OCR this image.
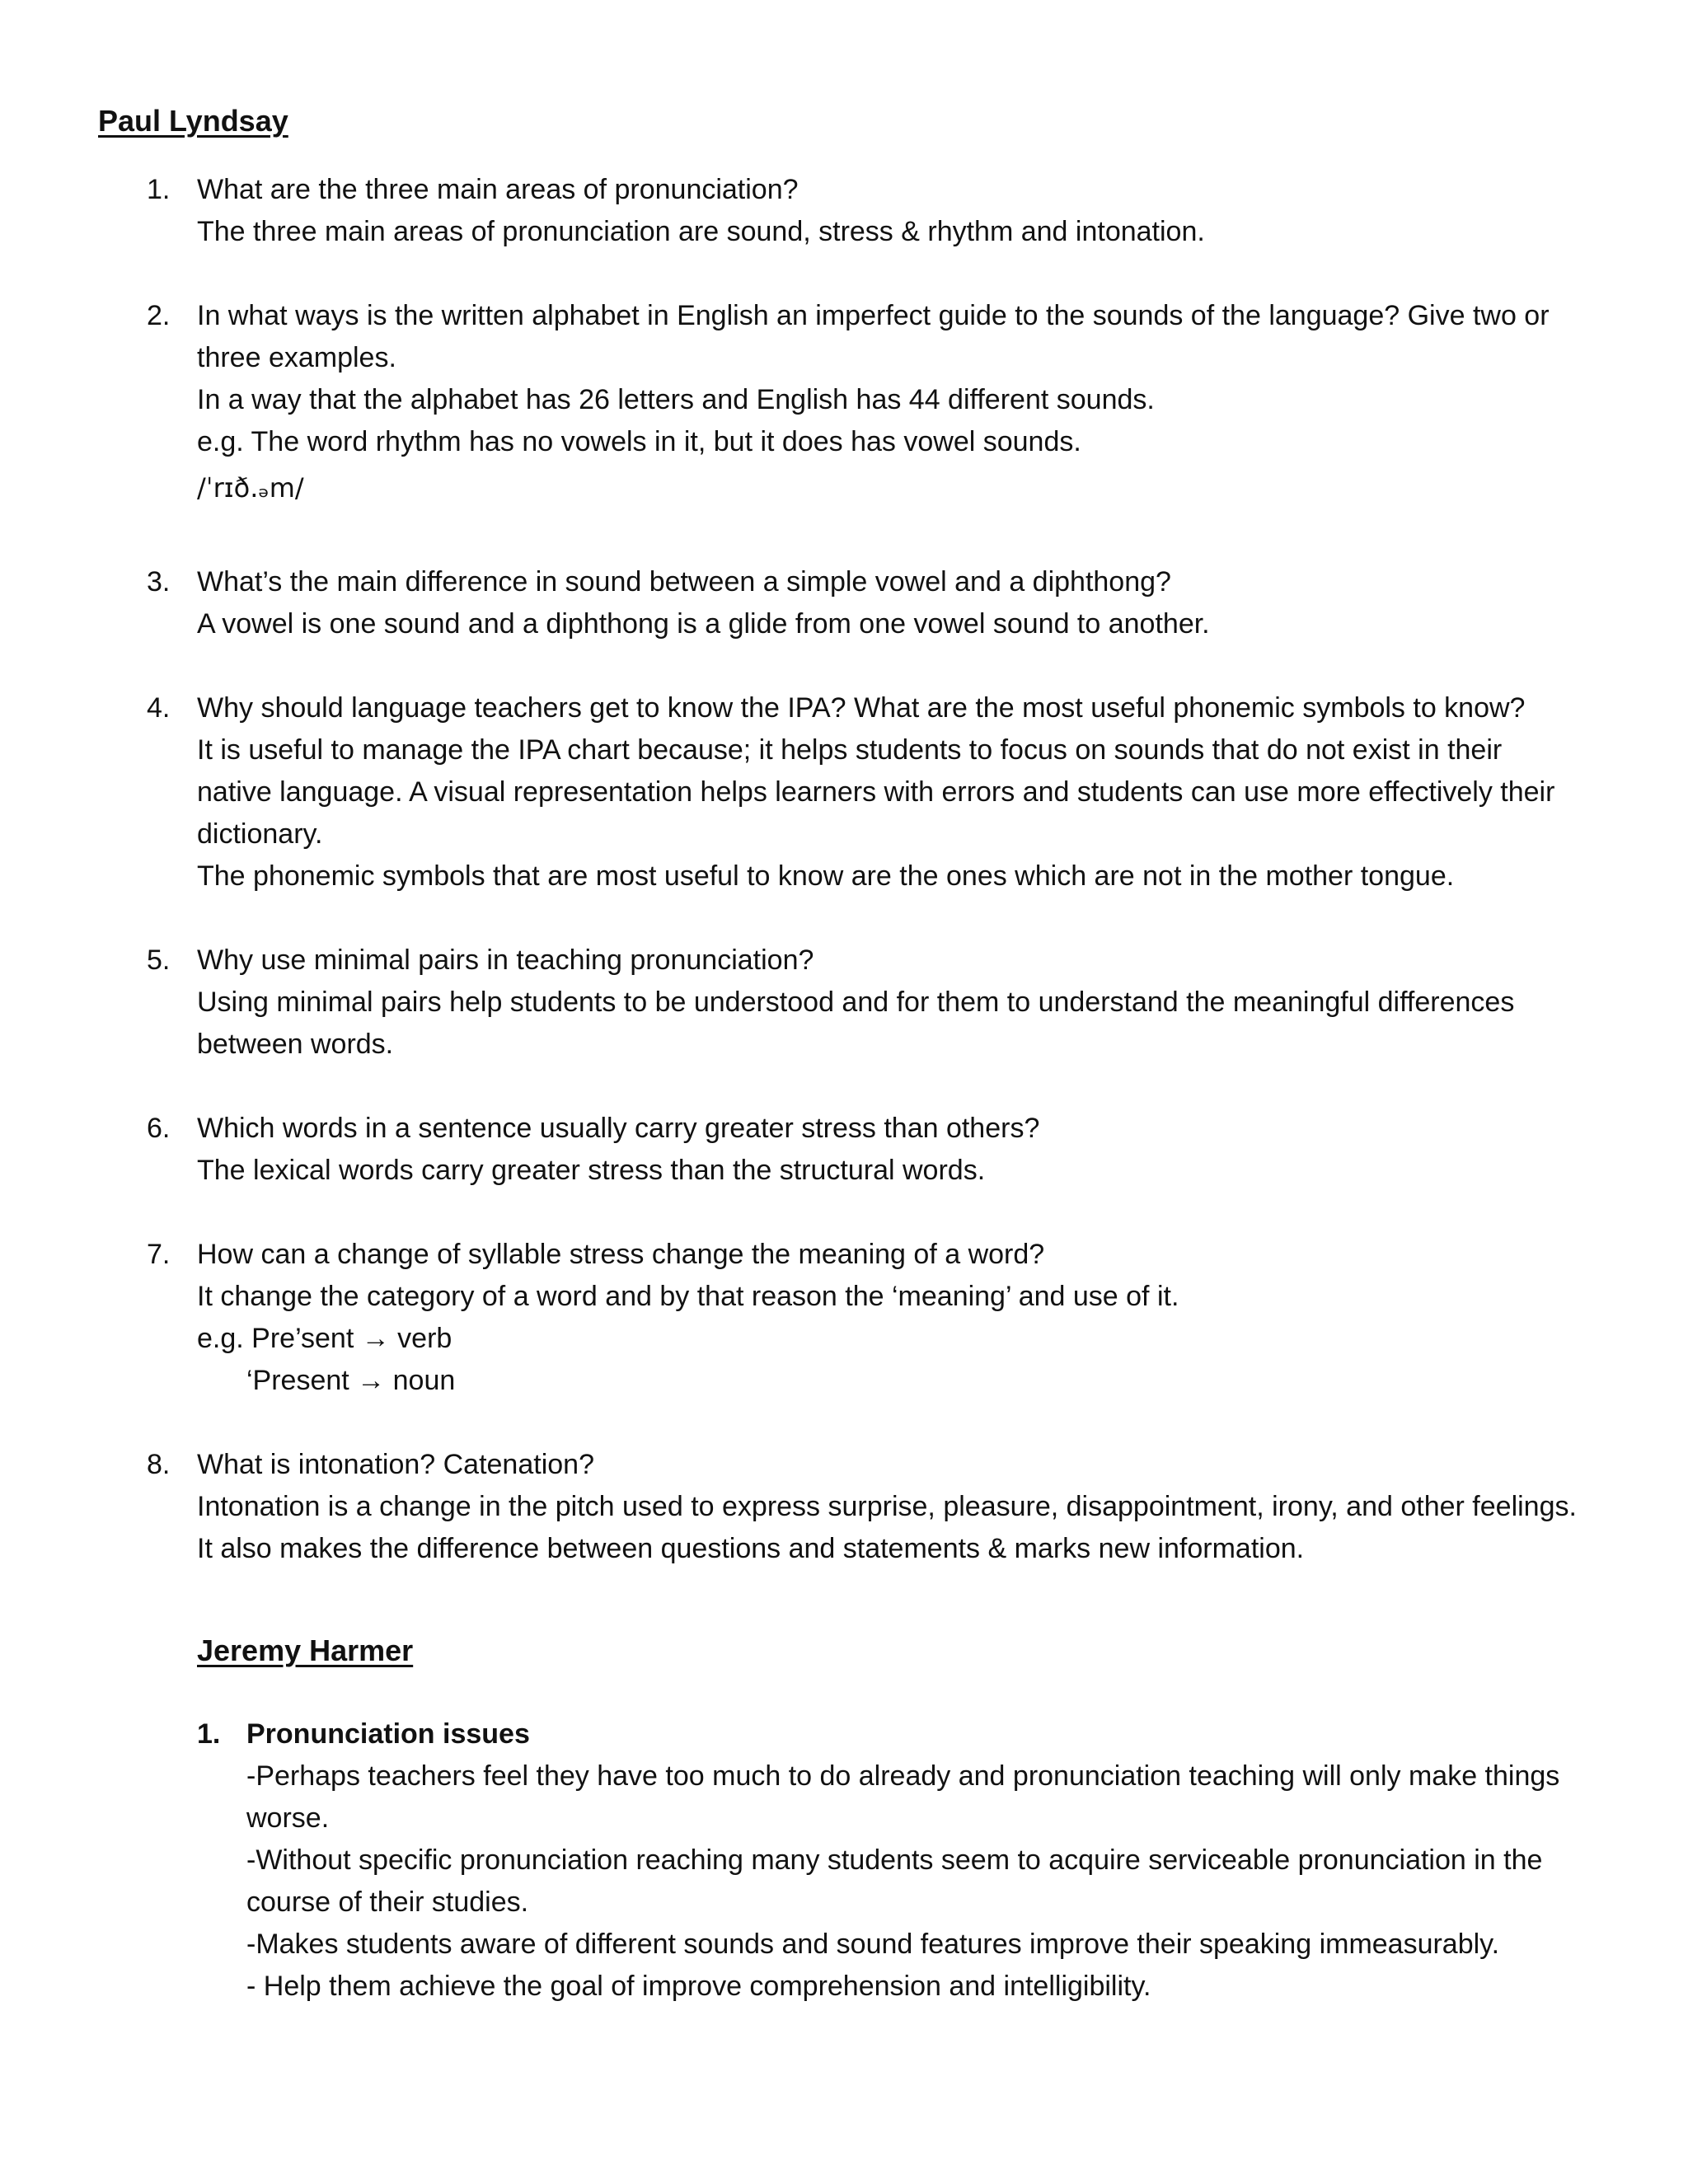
Paul Lyndsay
1. What are the three main areas of pronunciation?

The three main areas of pronunciation are sound, stress & rhythm and intonation.

2. In what ways is the written alphabet in English an imperfect guide to the sounds of the language? Give two or three examples.

In a way that the alphabet has 26 letters and English has 44 different sounds.

e.g. The word rhythm has no vowels in it, but it does has vowel sounds.

/ˈrɪð.ₔm/

3. What’s the main difference in sound between a simple vowel and a diphthong?

A vowel is one sound and a diphthong is a glide from one vowel sound to another.

4. Why should language teachers get to know the IPA? What are the most useful phonemic symbols to know?

It is useful to manage the IPA chart because; it helps students to focus on sounds that do not exist in their native language. A visual representation helps learners with errors and students can use more effectively their dictionary.

The phonemic symbols that are most useful to know are the ones which are not in the mother tongue.

5. Why use minimal pairs in teaching pronunciation?

Using minimal pairs help students to be understood and for them to understand the meaningful differences between words.

6. Which words in a sentence usually carry greater stress than others?

The lexical words carry greater stress than the structural words.

7. How can a change of syllable stress change the meaning of a word?

It change the category of a word and by that reason the ‘meaning’ and use of it.

e.g. Pre’sent → verb

‘Present → noun

8. What is intonation? Catenation?

Intonation is a change in the pitch used to express surprise, pleasure, disappointment, irony, and other feelings.

It also makes the difference between questions and statements & marks new information.

Jeremy Harmer
1. Pronunciation issues

-Perhaps teachers feel they have too much to do already and pronunciation teaching will only make things worse.

-Without specific pronunciation reaching many students seem to acquire serviceable pronunciation in the course of their studies.

-Makes students aware of different sounds and sound features improve their speaking immeasurably.

- Help them achieve the goal of improve comprehension and intelligibility.
